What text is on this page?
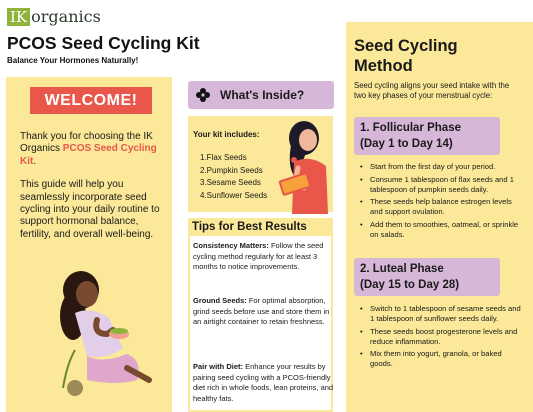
IK organics
PCOS Seed Cycling Kit
Balance Your Hormones Naturally!
WELCOME!

Thank you for choosing the IK Organics PCOS Seed Cycling Kit.

This guide will help you seamlessly incorporate seed cycling into your daily routine to support hormonal balance, fertility, and overall well-being.

What's Inside?
Your kit includes:
1.Flax Seeds
2.Pumpkin Seeds
3.Sesame Seeds
4.Sunflower Seeds
Tips for Best Results
Consistency Matters: Follow the seed cycling method regularly for at least 3 months to notice improvements.
Ground Seeds: For optimal absorption, grind seeds before use and store them in an airtight container to retain freshness.
Pair with Diet: Enhance your results by pairing seed cycling with a PCOS-friendly diet rich in whole foods, lean proteins, and healthy fats.
Seed Cycling
Method
Seed cycling aligns your seed intake with the two key phases of your menstrual cycle:
1. Follicular Phase
(Day 1 to Day 14)
• Start from the first day of your period.
• Consume 1 tablespoon of flax seeds and 1 tablespoon of pumpkin seeds daily.
• These seeds help balance estrogen levels and support ovulation.
• Add them to smoothies, oatmeal, or sprinkle on salads.
2. Luteal Phase
(Day 15 to Day 28)
• Switch to 1 tablespoon of sesame seeds and 1 tablespoon of sunflower seeds daily.
• These seeds boost progesterone levels and reduce inflammation.
• Mix them into yogurt, granola, or baked goods.
